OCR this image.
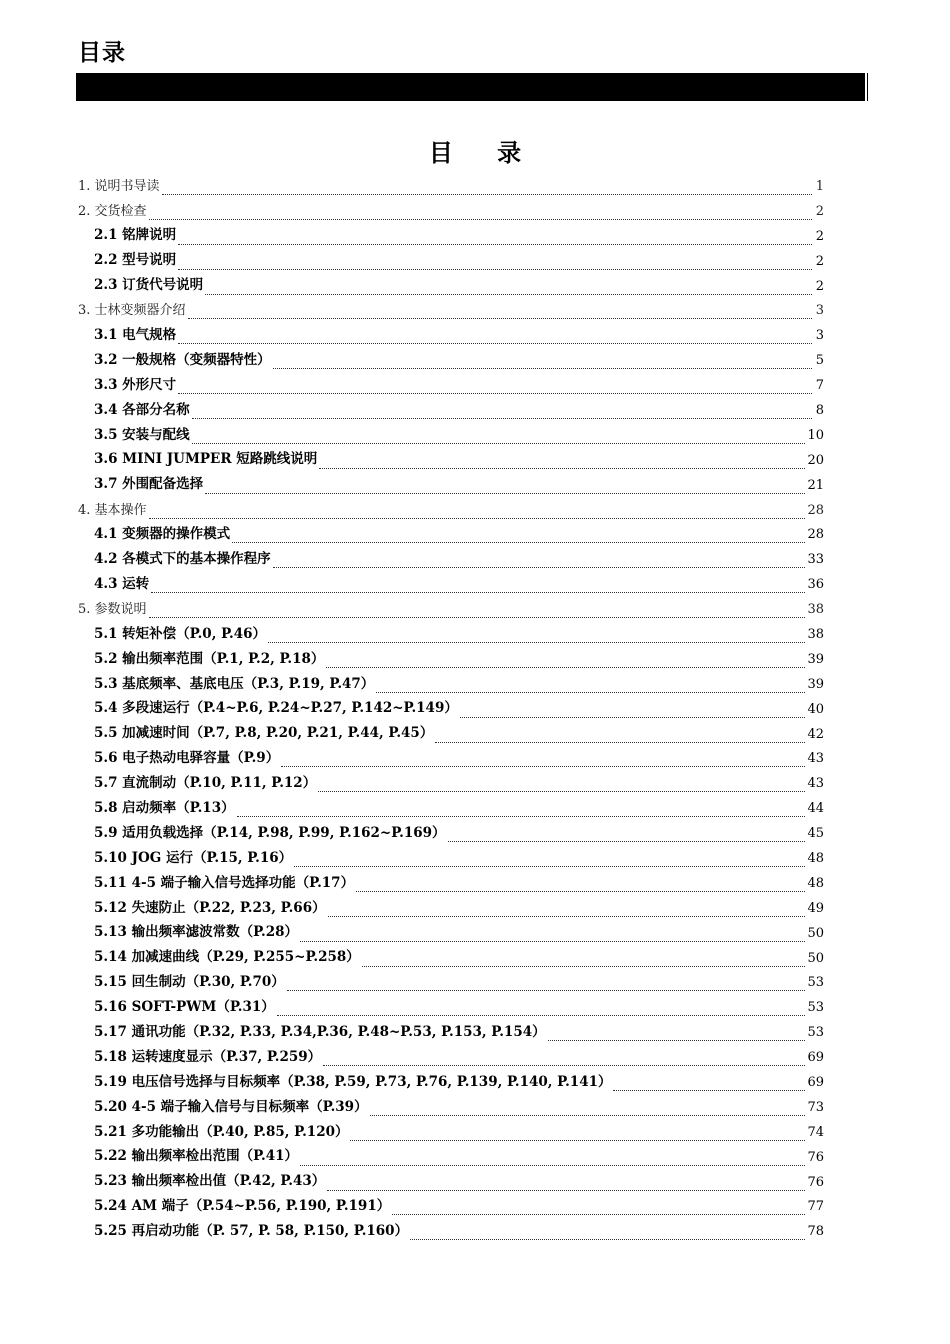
目录
目 录
1. 说明书导读	1
2. 交货检查	2
2.1 铭牌说明	2
2.2 型号说明	2
2.3 订货代号说明	2
3. 士林变频器介绍	3
3.1 电气规格	3
3.2 一般规格（变频器特性）	5
3.3 外形尺寸	7
3.4 各部分名称	8
3.5 安装与配线	10
3.6 MINI JUMPER 短路跳线说明	20
3.7 外围配备选择	21
4. 基本操作	28
4.1 变频器的操作模式	28
4.2 各模式下的基本操作程序	33
4.3 运转	36
5. 参数说明	38
5.1 转矩补偿（P.0, P.46）	38
5.2 输出频率范围（P.1, P.2, P.18）	39
5.3 基底频率、基底电压（P.3, P.19, P.47）	39
5.4 多段速运行（P.4~P.6, P.24~P.27, P.142~P.149）	40
5.5 加减速时间（P.7, P.8, P.20, P.21, P.44, P.45）	42
5.6 电子热动电驿容量（P.9）	43
5.7 直流制动（P.10, P.11, P.12）	43
5.8 启动频率（P.13）	44
5.9 适用负载选择（P.14, P.98, P.99, P.162~P.169）	45
5.10 JOG 运行（P.15, P.16）	48
5.11 4-5 端子输入信号选择功能（P.17）	48
5.12 失速防止（P.22, P.23, P.66）	49
5.13 输出频率滤波常数（P.28）	50
5.14 加减速曲线（P.29, P.255~P.258）	50
5.15 回生制动（P.30, P.70）	53
5.16 SOFT-PWM（P.31）	53
5.17 通讯功能（P.32, P.33, P.34,P.36, P.48~P.53, P.153, P.154）	53
5.18 运转速度显示（P.37, P.259）	69
5.19 电压信号选择与目标频率（P.38, P.59, P.73, P.76, P.139, P.140, P.141）	69
5.20 4-5 端子输入信号与目标频率（P.39）	73
5.21 多功能输出（P.40, P.85, P.120）	74
5.22 输出频率检出范围（P.41）	76
5.23 输出频率检出值（P.42, P.43）	76
5.24 AM 端子（P.54~P.56, P.190, P.191）	77
5.25 再启动功能（P. 57, P. 58, P.150, P.160）	78
